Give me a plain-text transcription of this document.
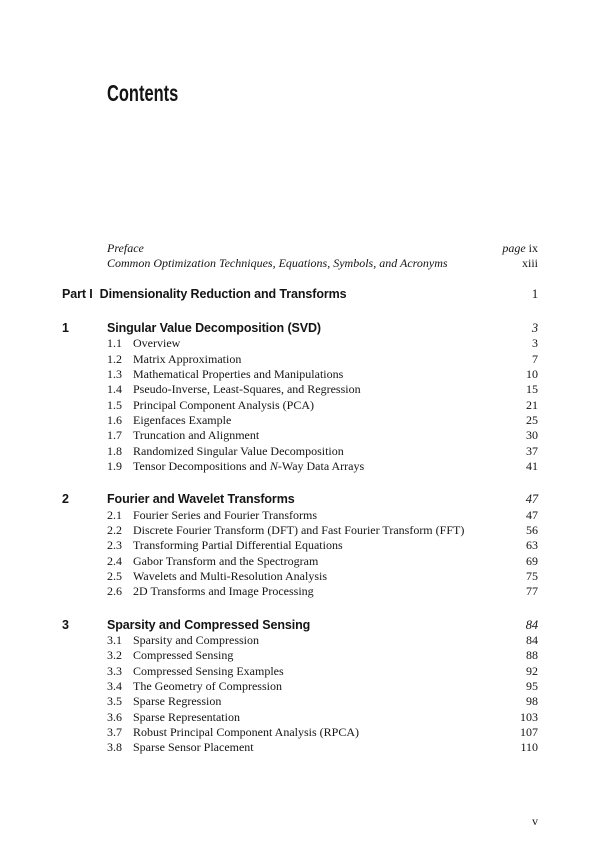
Contents
Preface	page ix
Common Optimization Techniques, Equations, Symbols, and Acronyms	xiii
Part I Dimensionality Reduction and Transforms	1
1	Singular Value Decomposition (SVD)	3
1.1 Overview	3
1.2 Matrix Approximation	7
1.3 Mathematical Properties and Manipulations	10
1.4 Pseudo-Inverse, Least-Squares, and Regression	15
1.5 Principal Component Analysis (PCA)	21
1.6 Eigenfaces Example	25
1.7 Truncation and Alignment	30
1.8 Randomized Singular Value Decomposition	37
1.9 Tensor Decompositions and N-Way Data Arrays	41
2	Fourier and Wavelet Transforms	47
2.1 Fourier Series and Fourier Transforms	47
2.2 Discrete Fourier Transform (DFT) and Fast Fourier Transform (FFT)	56
2.3 Transforming Partial Differential Equations	63
2.4 Gabor Transform and the Spectrogram	69
2.5 Wavelets and Multi-Resolution Analysis	75
2.6 2D Transforms and Image Processing	77
3	Sparsity and Compressed Sensing	84
3.1 Sparsity and Compression	84
3.2 Compressed Sensing	88
3.3 Compressed Sensing Examples	92
3.4 The Geometry of Compression	95
3.5 Sparse Regression	98
3.6 Sparse Representation	103
3.7 Robust Principal Component Analysis (RPCA)	107
3.8 Sparse Sensor Placement	110
v
